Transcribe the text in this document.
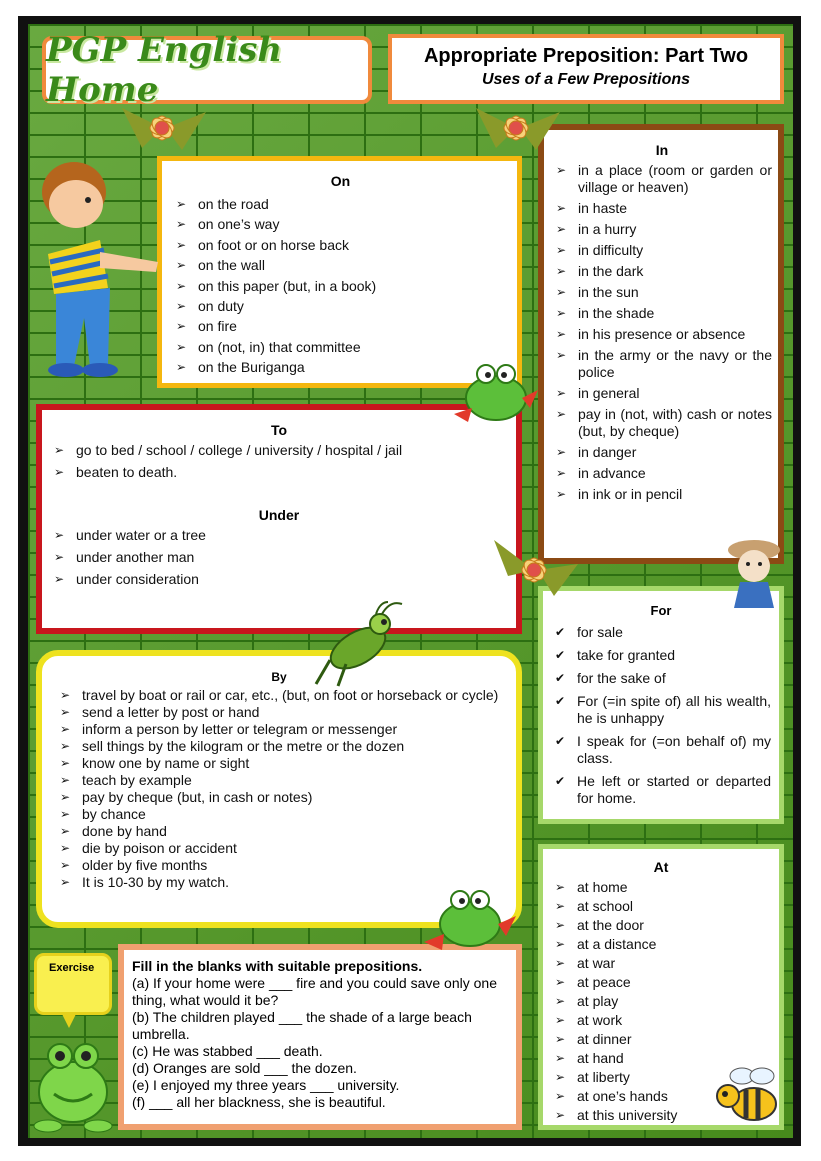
PGP English Home
Appropriate Preposition: Part Two
Uses of a Few Prepositions
On
➢ on the road
➢ on one’s way
➢ on foot or on horse back
➢ on the wall
➢ on this paper (but, in a book)
➢ on duty
➢ on fire
➢ on (not, in) that committee
➢ on the Buriganga
In
➢ in a place (room or garden or village or heaven)
➢ in haste
➢ in a hurry
➢ in difficulty
➢ in the dark
➢ in the sun
➢ in the shade
➢ in his presence or absence
➢ in the army or the navy or the police
➢ in general
➢ pay in (not, with) cash or notes (but, by cheque)
➢ in danger
➢ in advance
➢ in ink or in pencil
To
➢ go to bed / school / college / university / hospital / jail
➢ beaten to death.
Under
➢ under water or a tree
➢ under another man
➢ under consideration
For
✔ for sale
✔ take for granted
✔ for the sake of
✔ For (=in spite of) all his wealth, he is unhappy
✔ I speak for (=on behalf of) my class.
✔ He left or started or departed for home.
By
➢ travel by boat or rail or car, etc., (but, on foot or horseback or cycle)
➢ send a letter by post or hand
➢ inform a person by letter or telegram or messenger
➢ sell things by the kilogram or the metre or the dozen
➢ know one by name or sight
➢ teach by example
➢ pay by cheque (but, in cash or notes)
➢ by chance
➢ done by hand
➢ die by poison or accident
➢ older by five months
➢ It is 10-30 by my watch.
At
➢ at home
➢ at school
➢ at the door
➢ at a distance
➢ at war
➢ at peace
➢ at play
➢ at work
➢ at dinner
➢ at hand
➢ at liberty
➢ at one’s hands
➢ at this university
Fill in the blanks with suitable prepositions.
(a) If your home were ___ fire and you could save only one thing, what would it be?
(b) The children played ___ the shade of a large beach umbrella.
(c) He was stabbed ___ death.
(d) Oranges are sold ___ the dozen.
(e) I enjoyed my three years ___ university.
(f) ___ all her blackness, she is beautiful.
Exercise
